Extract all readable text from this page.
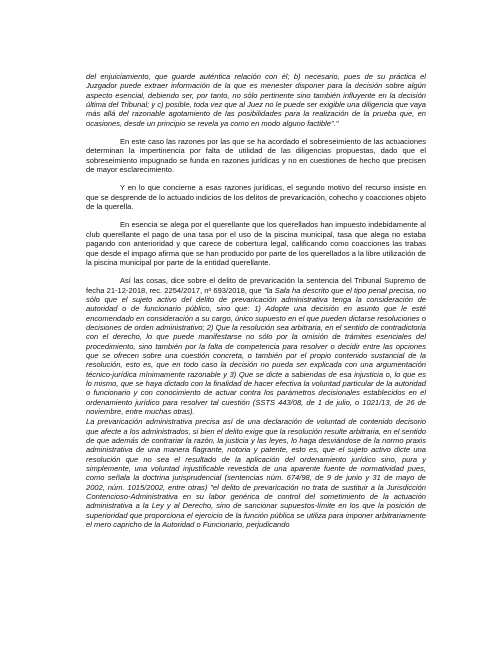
del enjuiciamiento, que guarde auténtica relación con él; b) necesario, pues de su práctica el Juzgador puede extraer información de la que es menester disponer para la decisión sobre algún aspecto esencial, debiendo ser, por tanto, no sólo pertinente sino también influyente en la decisión última del Tribunal; y c) posible, toda vez que al Juez no le puede ser exigible una diligencia que vaya más allá del razonable agotamiento de las posibilidades para la realización de la prueba que, en ocasiones, desde un principio se revela ya como en modo alguno factible"."

En este caso las razones por las que se ha acordado el sobreseimiento de las actuaciones determinan la impertinencia por falta de utilidad de las diligencias propuestas, dado que el sobreseimiento impugnado se funda en razones jurídicas y no en cuestiones de hecho que precisen de mayor esclarecimiento.

Y en lo que concierne a esas razones jurídicas, el segundo motivo del recurso insiste en que se desprende de lo actuado indicios de los delitos de prevaricación, cohecho y coacciones objeto de la querella.

En esencia se alega por el querellante que los querellados han impuesto indebidamente al club querellante el pago de una tasa por el uso de la piscina municipal, tasa que alega no estaba pagando con anterioridad y que carece de cobertura legal, calificando como coacciones las trabas que desde el impago afirma que se han producido por parte de los querellados a la libre utilización de la piscina municipal por parte de la entidad querellante.

Así las cosas, dice sobre el delito de prevaricación la sentencia del Tribunal Supremo de fecha 21-12-2018, rec. 2254/2017, nº 693/2018, que "la Sala ha descrito que el tipo penal precisa, no sólo que el sujeto activo del delito de prevaricación administrativa tenga la consideración de autoridad o de funcionario público, sino que: 1) Adopte una decisión en asunto que le esté encomendado en consideración a su cargo, único supuesto en el que pueden dictarse resoluciones o decisiones de orden administrativo; 2) Que la resolución sea arbitraria, en el sentido de contradictoria con el derecho, lo que puede manifestarse no sólo por la omisión de trámites esenciales del procedimiento, sino también por la falta de competencia para resolver o decidir entre las opciones que se ofrecen sobre una cuestión concreta, o también por el propio contenido sustancial de la resolución, esto es, que en todo caso la decisión no pueda ser explicada con una argumentación técnico-jurídica mínimamente razonable y 3) Que se dicte a sabiendas de esa injusticia o, lo que es lo mismo, que se haya dictado con la finalidad de hacer efectiva la voluntad particular de la autoridad o funcionario y con conocimiento de actuar contra los parámetros decisionales establecidos en el ordenamiento jurídico para resolver tal cuestión (SSTS 443/08, de 1 de julio, o 1021/13, de 26 de noviembre, entre muchas otras).

La prevaricación administrativa precisa así de una declaración de voluntad de contenido decisorio que afecte a los administrados, si bien el delito exige que la resolución resulte arbitraria, en el sentido de que además de contrariar la razón, la justicia y las leyes, lo haga desviándose de la normo praxis administrativa de una manera flagrante, notoria y patente, esto es, que el sujeto activo dicte una resolución que no sea el resultado de la aplicación del ordenamiento jurídico sino, pura y simplemente, una voluntad injustificable revestida de una aparente fuente de normatividad pues, como señala la doctrina jurisprudencial (sentencias núm. 674/98, de 9 de junio y 31 de mayo de 2002, núm. 1015/2002, entre otras) "el delito de prevaricación no trata de sustituir a la Jurisdicción Contencioso-Administrativa en su labor genérica de control del sometimiento de la actuación administrativa a la Ley y al Derecho, sino de sancionar supuestos-límite en los que la posición de superioridad que proporciona el ejercicio de la función pública se utiliza para imponer arbitrariamente el mero capricho de la Autoridad o Funcionario, perjudicando
